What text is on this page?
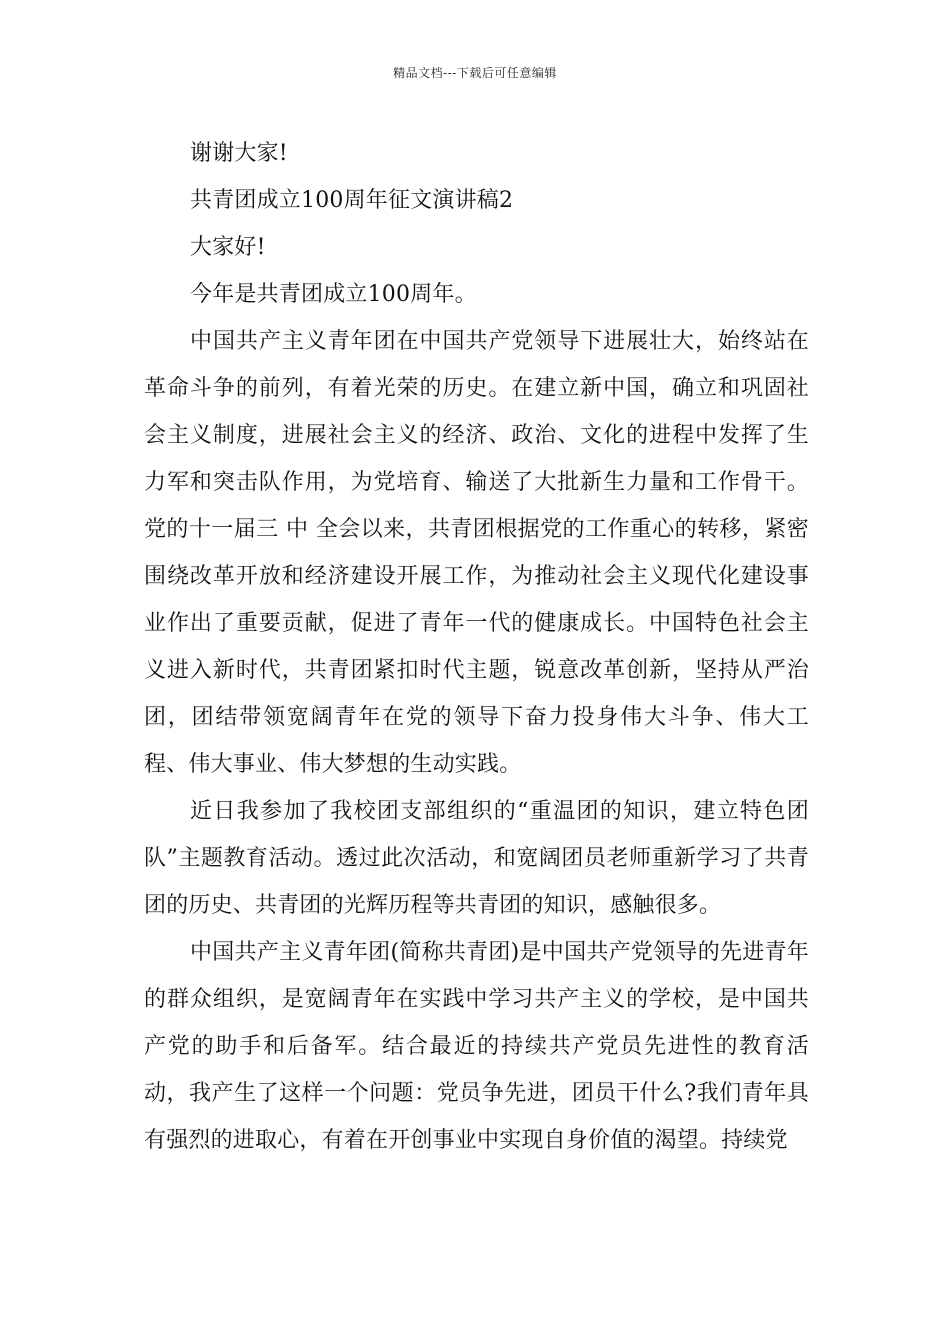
精品文档---下载后可任意编辑

谢谢大家!

共青团成立100周年征文演讲稿2

大家好!

今年是共青团成立100周年。

中国共产主义青年团在中国共产党领导下进展壮大，始终站在革命斗争的前列，有着光荣的历史。在建立新中国，确立和巩固社会主义制度，进展社会主义的经济、政治、文化的进程中发挥了生力军和突击队作用，为党培育、输送了大批新生力量和工作骨干。党的十一届三 中 全会以来，共青团根据党的工作重心的转移，紧密围绕改革开放和经济建设开展工作，为推动社会主义现代化建设事业作出了重要贡献，促进了青年一代的健康成长。中国特色社会主义进入新时代，共青团紧扣时代主题，锐意改革创新，坚持从严治团，团结带领宽阔青年在党的领导下奋力投身伟大斗争、伟大工程、伟大事业、伟大梦想的生动实践。

近日我参加了我校团支部组织的“重温团的知识，建立特色团队”主题教育活动。透过此次活动，和宽阔团员老师重新学习了共青团的历史、共青团的光辉历程等共青团的知识，感触很多。

中国共产主义青年团(简称共青团)是中国共产党领导的先进青年的群众组织，是宽阔青年在实践中学习共产主义的学校，是中国共产党的助手和后备军。结合最近的持续共产党员先进性的教育活动，我产生了这样一个问题：党员争先进，团员干什么?我们青年具有强烈的进取心，有着在开创事业中实现自身价值的渴望。持续党
